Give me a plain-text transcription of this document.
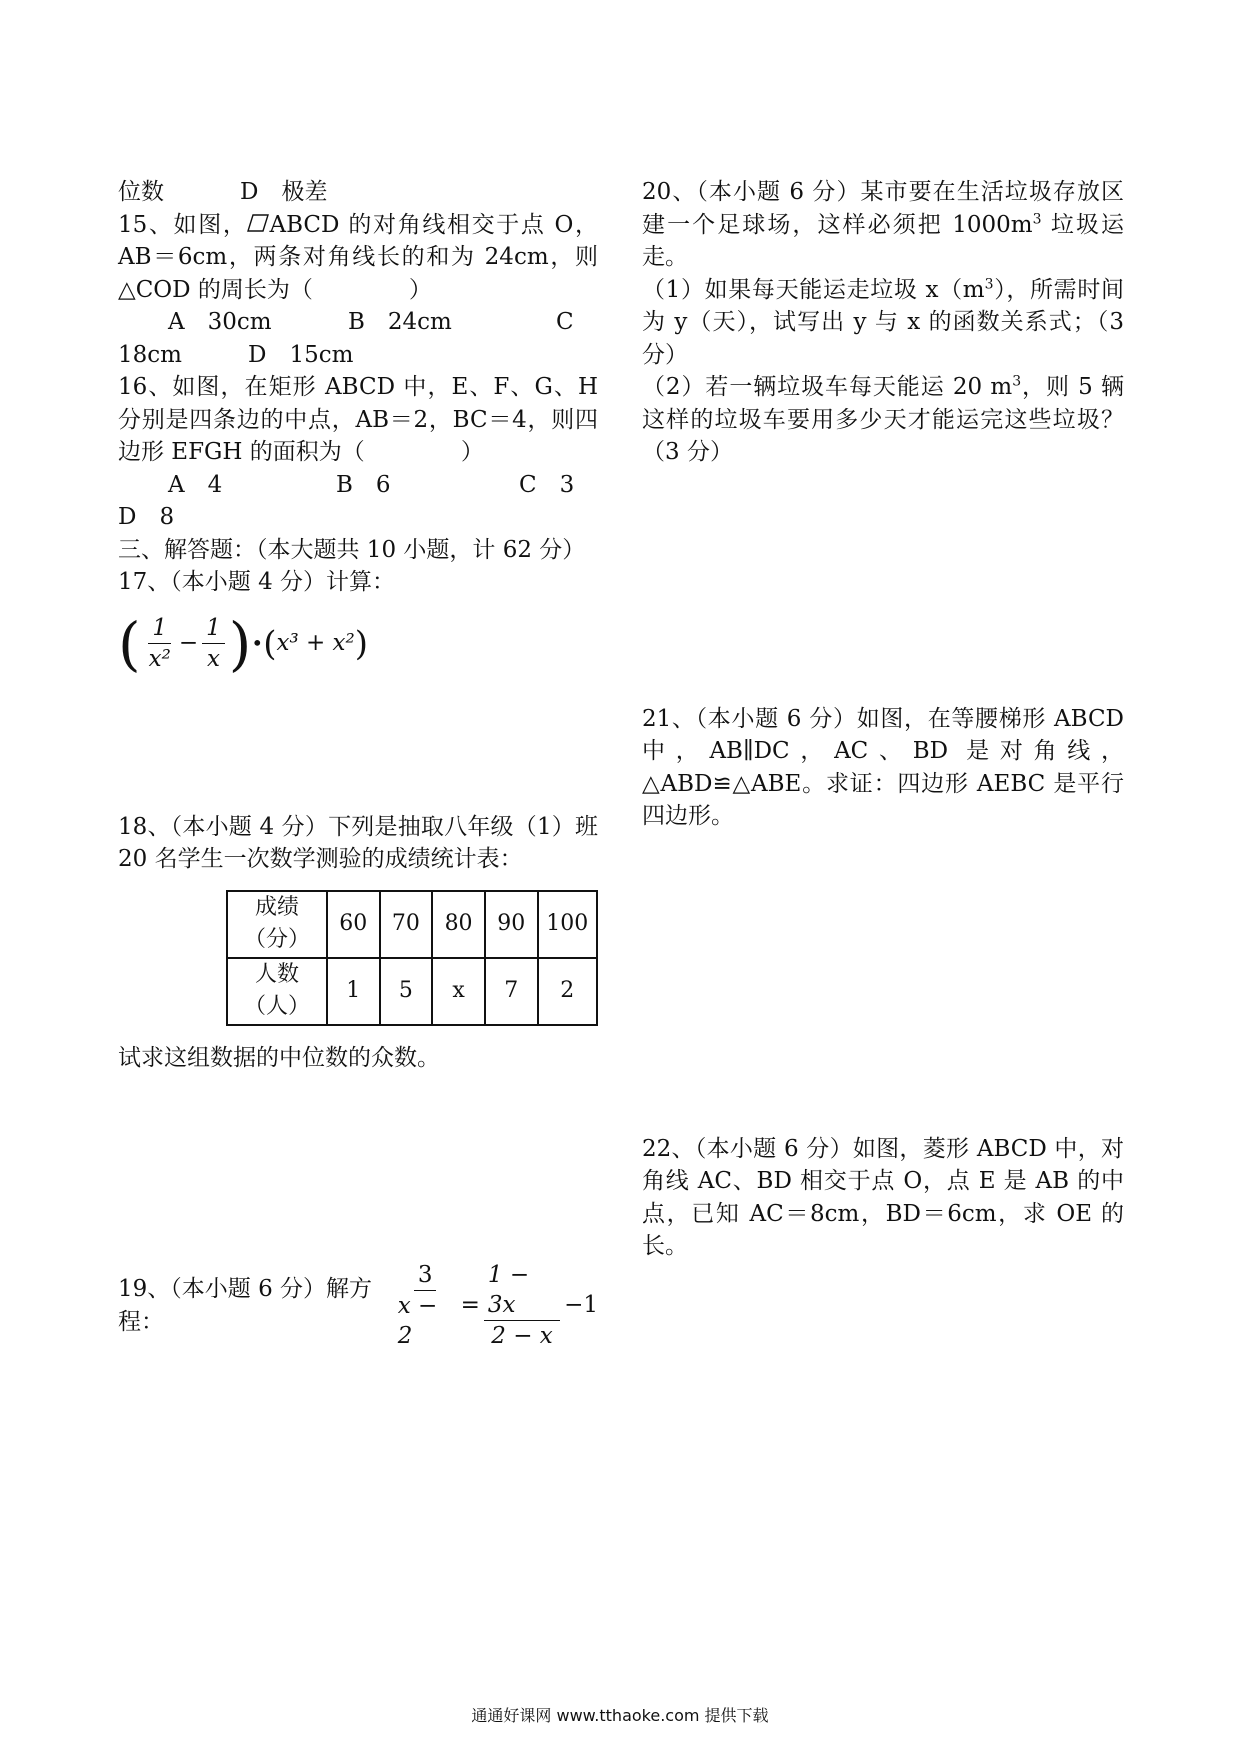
位数	D　极差

15、如图， ABCD 的对角线相交于点 O，AB＝6cm，两条对角线长的和为 24cm，则△COD 的周长为（	）

A　30cm	B　24cm	C
18cm	D　15cm

16、如图，在矩形 ABCD 中，E、F、G、H 分别是四条边的中点，AB＝2，BC＝4，则四边形 EFGH 的面积为（	）

A　4	B　6	C　3
D　8
三、解答题：（本大题共 10 小题，计 62 分）
17、（本小题 4 分）计算：
( $\frac{1}{\text{x²}} - \frac{1}{x}$ ) • ( x³ + x² )

18、（本小题 4 分）下列是抽取八年级（1）班 20 名学生一次数学测验的成绩统计表：

成绩（分）	60	70	80	90	100
人数（人）	1	5	x	7	2
试求这组数据的中位数的众数。
19、（本小题 6 分）解方程：	$\frac{3}{x - 2} = \frac{1 - 3x}{2 - x} -1$

20、（本小题 6 分）某市要在生活垃圾存放区建一个足球场，这样必须把 $1000m^3$ 垃圾运走。

（1）如果每天能运走垃圾 $x(m^3)$，所需时间为 y（天），试写出 y 与 x 的函数关系式；（3 分）

（2）若一辆垃圾车每天能运 20 $m^3$，则 5 辆这样的垃圾车要用多少天才能运完这些垃圾？（3 分）

21、（本小题 6 分）如图，在等腰梯形 ABCD 中，AB∥DC，AC、BD 是对角线，△ABD≌△ABE。求证：四边形 AEBC 是平行四边形。

22、（本小题 6 分）如图，菱形 ABCD 中，对角线 AC、BD 相交于点 O，点 E 是 AB 的中点，已知 AC＝8cm，BD＝6cm，求 OE 的长。

通通好课网 www.tthaoke.com 提供下载
